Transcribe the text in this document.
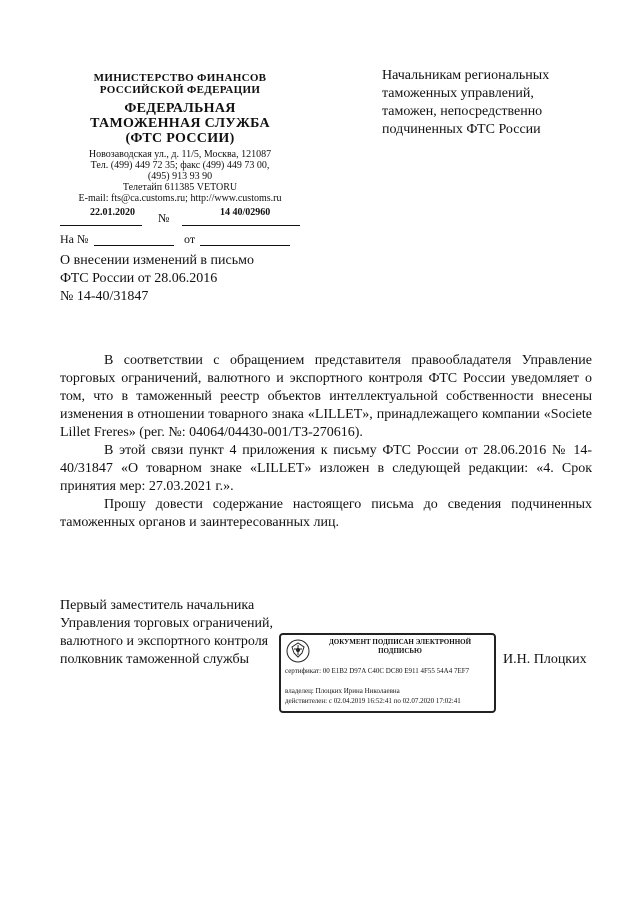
МИНИСТЕРСТВО ФИНАНСОВ
РОССИЙСКОЙ ФЕДЕРАЦИИ
ФЕДЕРАЛЬНАЯ
ТАМОЖЕННАЯ СЛУЖБА
(ФТС РОССИИ)
Новозаводская ул., д. 11/5, Москва, 121087
Тел. (499) 449 72 35; факс (499) 449 73 00,
(495) 913 93 90
Телетайп 611385 VETORU
E-mail: fts@ca.customs.ru; http://www.customs.ru
22.01.2020 №	14 40/02960
На №	от
О внесении изменений в письмо
ФТС России от 28.06.2016
№ 14-40/31847
Начальникам региональных
таможенных управлений,
таможен, непосредственно
подчиненных ФТС России

В соответствии с обращением представителя правообладателя Управление торговых ограничений, валютного и экспортного контроля ФТС России уведомляет о том, что в таможенный реестр объектов интеллектуальной собственности внесены изменения в отношении товарного знака «LILLET», принадлежащего компании «Societe Lillet Freres» (рег. №: 04064/04430-001/ТЗ-270616).

В этой связи пункт 4 приложения к письму ФТС России от 28.06.2016 № 14-40/31847 «О товарном знаке «LILLET» изложен в следующей редакции: «4. Срок принятия мер: 27.03.2021 г.».

Прошу довести содержание настоящего письма до сведения подчиненных таможенных органов и заинтересованных лиц.

Первый заместитель начальника
Управления торговых ограничений,
валютного и экспортного контроля
полковник таможенной службы	И.Н. Плоцких
ДОКУМЕНТ ПОДПИСАН ЭЛЕКТРОННОЙ
ПОДПИСЬЮ
сертификат: 00 E1B2 D97A C40C DC80 E911 4F55 54A4 7EF7
владелец: Плоцких Ирина Николаевна
действителен: с 02.04.2019 16:52:41 по 02.07.2020 17:02:41
